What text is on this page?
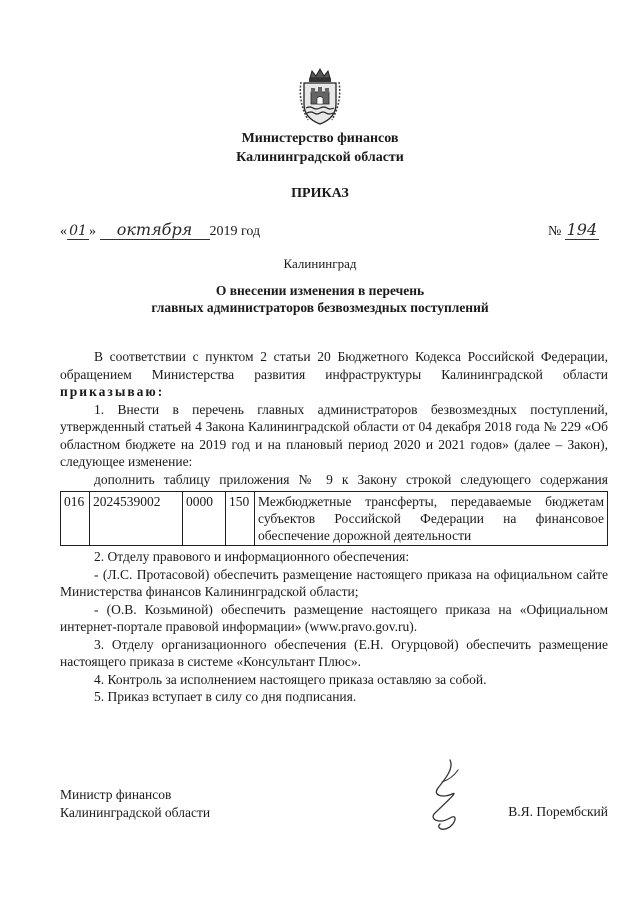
Министерство финансов
Калининградской области
ПРИКАЗ
« 01 » октября 2019 год	№ 194
Калининград
О внесении изменения в перечень
главных администраторов безвозмездных поступлений

В соответствии с пунктом 2 статьи 20 Бюджетного Кодекса Российской Федерации, обращением Министерства развития инфраструктуры Калининградской области приказываю:

1. Внести в перечень главных администраторов безвозмездных поступлений, утвержденный статьей 4 Закона Калининградской области от 04 декабря 2018 года № 229 «Об областном бюджете на 2019 год и на плановый период 2020 и 2021 годов» (далее – Закон), следующее изменение:

дополнить таблицу приложения № 9 к Закону строкой следующего содержания

016	2024539002	0000	150	Межбюджетные трансферты, передаваемые бюджетам субъектов Российской Федерации на финансовое обеспечение дорожной деятельности

2. Отделу правового и информационного обеспечения:

- (Л.С. Протасовой) обеспечить размещение настоящего приказа на официальном сайте Министерства финансов Калининградской области;

- (О.В. Козьминой) обеспечить размещение настоящего приказа на «Официальном интернет-портале правовой информации» (www.pravo.gov.ru).

3. Отделу организационного обеспечения (Е.Н. Огурцовой) обеспечить размещение настоящего приказа в системе «Консультант Плюс».

4. Контроль за исполнением настоящего приказа оставляю за собой.

5. Приказ вступает в силу со дня подписания.

Министр финансов
Калининградской области	В.Я. Порембский
